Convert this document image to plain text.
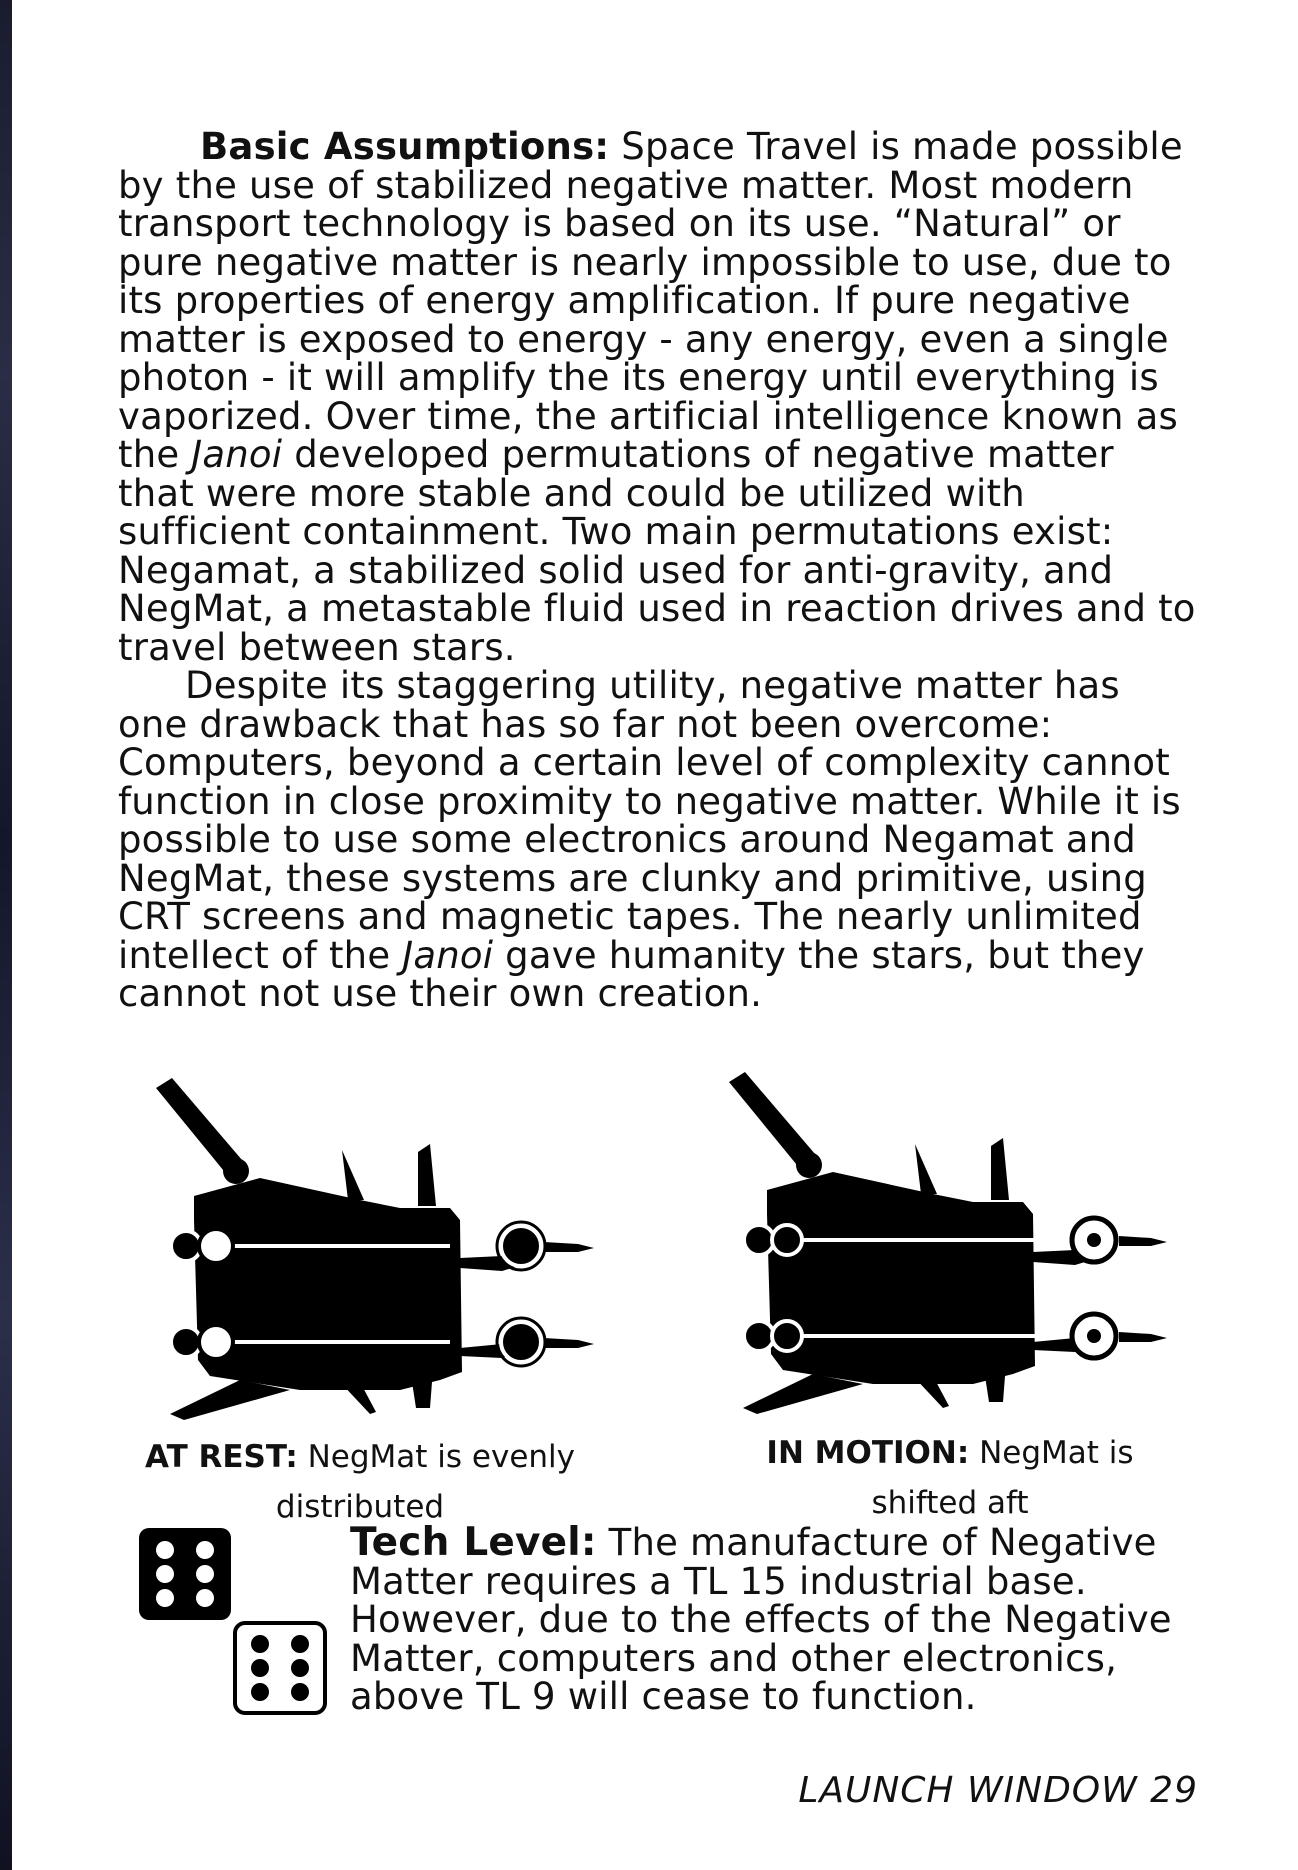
Basic Assumptions: Space Travel is made possible by the use of stabilized negative matter. Most modern transport technology is based on its use. “Natural” or pure negative matter is nearly impossible to use, due to its properties of energy amplification. If pure negative matter is exposed to energy - any energy, even a single photon - it will amplify the its energy until everything is vaporized. Over time, the artificial intelligence known as the Janoi developed permutations of negative matter that were more stable and could be utilized with sufficient containment. Two main permutations exist: Negamat, a stabilized solid used for anti-gravity, and NegMat, a metastable fluid used in reaction drives and to travel between stars.

Despite its staggering utility, negative matter has one drawback that has so far not been overcome: Computers, beyond a certain level of complexity cannot function in close proximity to negative matter. While it is possible to use some electronics around Negamat and NegMat, these systems are clunky and primitive, using CRT screens and magnetic tapes. The nearly unlimited intellect of the Janoi gave humanity the stars, but they cannot not use their own creation.

AT REST: NegMat is evenly distributed
IN MOTION: NegMat is shifted aft
Tech Level: The manufacture of Negative Matter requires a TL 15 industrial base. However, due to the effects of the Negative Matter, computers and other electronics, above TL 9 will cease to function.
LAUNCH WINDOW 29
